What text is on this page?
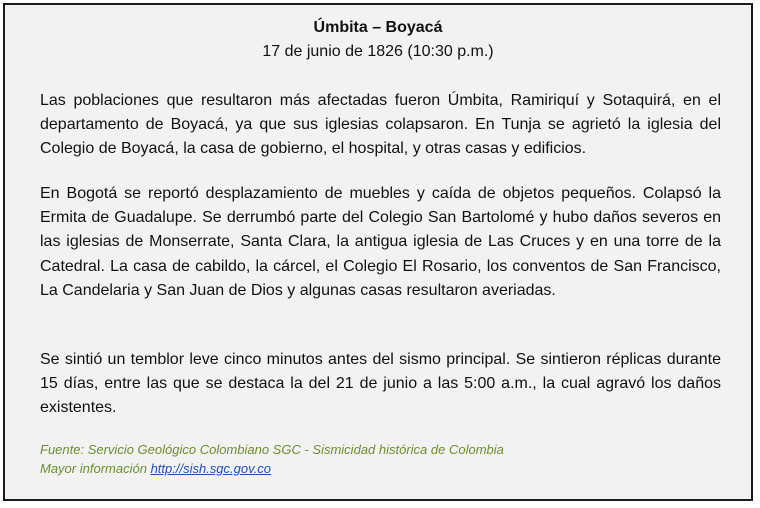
Úmbita – Boyacá
17 de junio de 1826 (10:30 p.m.)

Las poblaciones que resultaron más afectadas fueron Úmbita, Ramiriquí y Sotaquirá, en el departamento de Boyacá, ya que sus iglesias colapsaron. En Tunja se agrietó la iglesia del Colegio de Boyacá, la casa de gobierno, el hospital, y otras casas y edificios.

En Bogotá se reportó desplazamiento de muebles y caída de objetos pequeños. Colapsó la Ermita de Guadalupe. Se derrumbó parte del Colegio San Bartolomé y hubo daños severos en las iglesias de Monserrate, Santa Clara, la antigua iglesia de Las Cruces y en una torre de la Catedral. La casa de cabildo, la cárcel, el Colegio El Rosario, los conventos de San Francisco, La Candelaria y San Juan de Dios y algunas casas resultaron averiadas.

Se sintió un temblor leve cinco minutos antes del sismo principal. Se sintieron réplicas durante 15 días, entre las que se destaca la del 21 de junio a las 5:00 a.m., la cual agravó los daños existentes.

Fuente: Servicio Geológico Colombiano SGC - Sismicidad histórica de Colombia
Mayor información http://sish.sgc.gov.co
